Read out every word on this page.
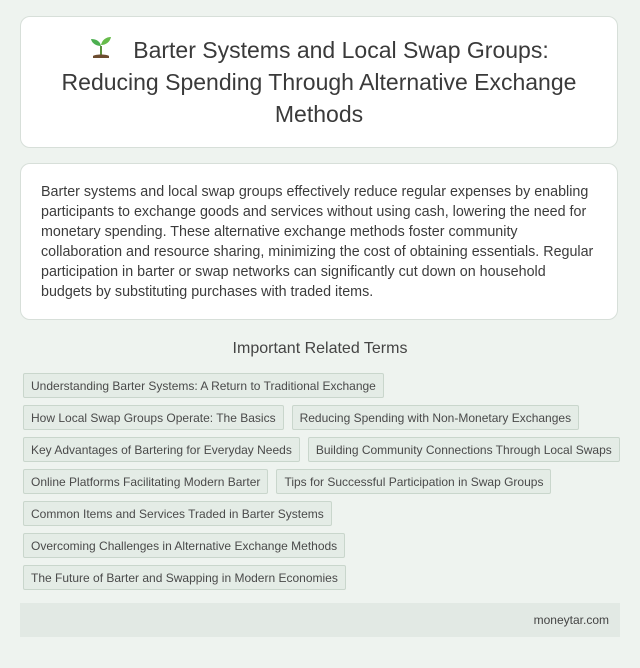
Barter Systems and Local Swap Groups: Reducing Spending Through Alternative Exchange Methods

Barter systems and local swap groups effectively reduce regular expenses by enabling participants to exchange goods and services without using cash, lowering the need for monetary spending. These alternative exchange methods foster community collaboration and resource sharing, minimizing the cost of obtaining essentials. Regular participation in barter or swap networks can significantly cut down on household budgets by substituting purchases with traded items.

Important Related Terms
Understanding Barter Systems: A Return to Traditional Exchange
How Local Swap Groups Operate: The Basics	Reducing Spending with Non-Monetary Exchanges
Key Advantages of Bartering for Everyday Needs	Building Community Connections Through Local Swaps
Online Platforms Facilitating Modern Barter	Tips for Successful Participation in Swap Groups
Common Items and Services Traded in Barter Systems
Overcoming Challenges in Alternative Exchange Methods
The Future of Barter and Swapping in Modern Economies
moneytar.com
